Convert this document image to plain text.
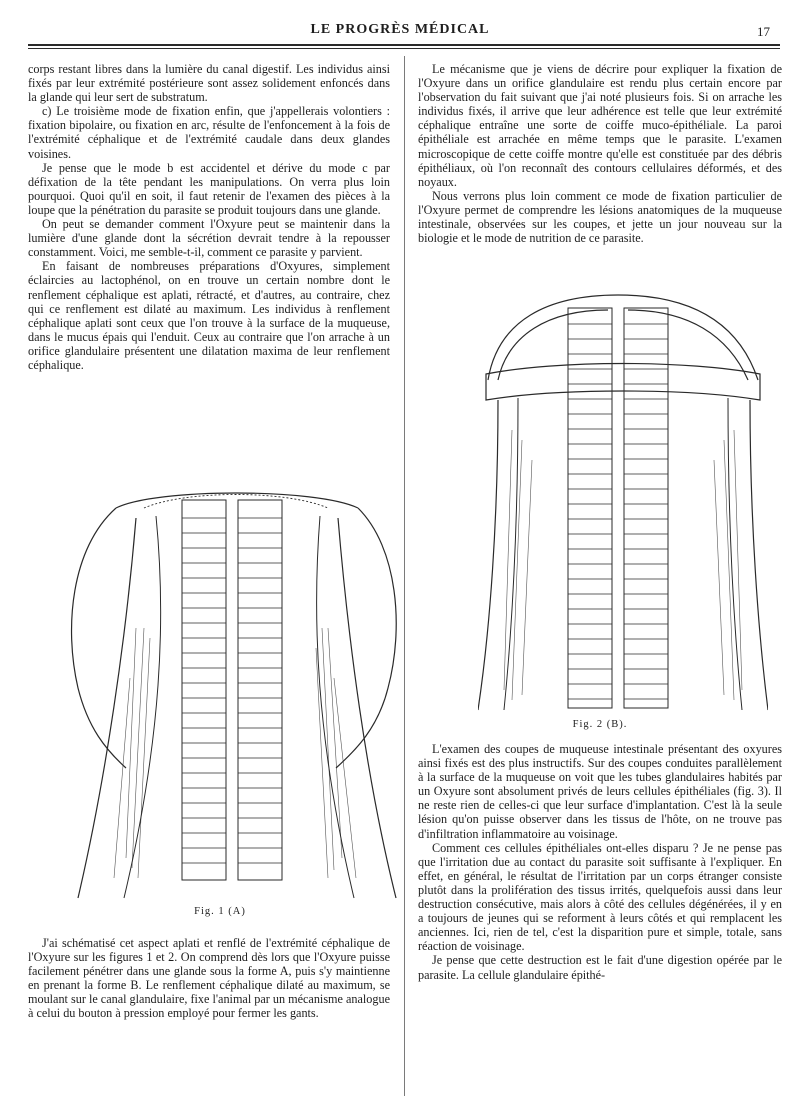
LE PROGRÈS MÉDICAL	17

corps restant libres dans la lumière du canal digestif. Les individus ainsi fixés par leur extrémité postérieure sont assez solidement enfoncés dans la glande qui leur sert de substratum.

c) Le troisième mode de fixation enfin, que j'appellerais volontiers : fixation bipolaire, ou fixation en arc, résulte de l'enfoncement à la fois de l'extrémité céphalique et de l'extrémité caudale dans deux glandes voisines.

Je pense que le mode b est accidentel et dérive du mode c par défixation de la tête pendant les manipulations. On verra plus loin pourquoi. Quoi qu'il en soit, il faut retenir de l'examen des pièces à la loupe que la pénétration du parasite se produit toujours dans une glande.

On peut se demander comment l'Oxyure peut se maintenir dans la lumière d'une glande dont la sécrétion devrait tendre à la repousser constamment. Voici, me semble-t-il, comment ce parasite y parvient.

En faisant de nombreuses préparations d'Oxyures, simplement éclaircies au lactophénol, on en trouve un certain nombre dont le renflement céphalique est aplati, rétracté, et d'autres, au contraire, chez qui ce renflement est dilaté au maximum. Les individus à renflement céphalique aplati sont ceux que l'on trouve à la surface de la muqueuse, dans le mucus épais qui l'enduit. Ceux au contraire que l'on arrache à un orifice glandulaire présentent une dilatation maxima de leur renflement céphalique.

Fig. 1 (A)

J'ai schématisé cet aspect aplati et renflé de l'extrémité céphalique de l'Oxyure sur les figures 1 et 2. On comprend dès lors que l'Oxyure puisse facilement pénétrer dans une glande sous la forme A, puis s'y maintienne en prenant la forme B. Le renflement céphalique dilaté au maximum, se moulant sur le canal glandulaire, fixe l'animal par un mécanisme analogue à celui du bouton à pression employé pour fermer les gants.

Le mécanisme que je viens de décrire pour expliquer la fixation de l'Oxyure dans un orifice glandulaire est rendu plus certain encore par l'observation du fait suivant que j'ai noté plusieurs fois. Si on arrache les individus fixés, il arrive que leur adhérence est telle que leur extrémité céphalique entraîne une sorte de coiffe muco-épithéliale. La paroi épithéliale est arrachée en même temps que le parasite. L'examen microscopique de cette coiffe montre qu'elle est constituée par des débris épithéliaux, où l'on reconnaît des contours cellulaires déformés, et des noyaux.

Nous verrons plus loin comment ce mode de fixation particulier de l'Oxyure permet de comprendre les lésions anatomiques de la muqueuse intestinale, observées sur les coupes, et jette un jour nouveau sur la biologie et le mode de nutrition de ce parasite.

Fig. 2 (B).

L'examen des coupes de muqueuse intestinale présentant des oxyures ainsi fixés est des plus instructifs. Sur des coupes conduites parallèlement à la surface de la muqueuse on voit que les tubes glandulaires habités par un Oxyure sont absolument privés de leurs cellules épithéliales (fig. 3). Il ne reste rien de celles-ci que leur surface d'implantation. C'est là la seule lésion qu'on puisse observer dans les tissus de l'hôte, on ne trouve pas d'infiltration inflammatoire au voisinage.

Comment ces cellules épithéliales ont-elles disparu ? Je ne pense pas que l'irritation due au contact du parasite soit suffisante à l'expliquer. En effet, en général, le résultat de l'irritation par un corps étranger consiste plutôt dans la prolifération des tissus irrités, quelquefois aussi dans leur destruction consécutive, mais alors à côté des cellules dégénérées, il y en a toujours de jeunes qui se reforment à leurs côtés et qui remplacent les anciennes. Ici, rien de tel, c'est la disparition pure et simple, totale, sans réaction de voisinage.

Je pense que cette destruction est le fait d'une digestion opérée par le parasite. La cellule glandulaire épithé-
